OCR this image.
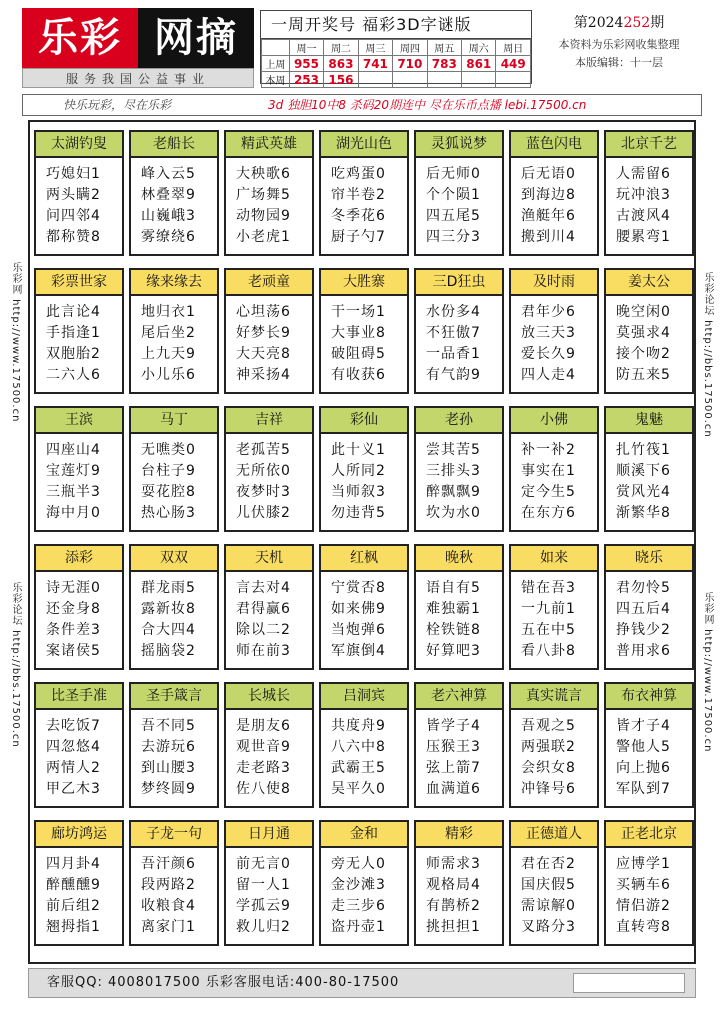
乐彩 网摘
服务我国公益事业
一周开奖号 福彩3D字谜版
	周一	周二	周三	周四	周五	周六	周日
上周	955	863	741	710	783	861	449
本周	253	156					
第2024252期
本资料为乐彩网收集整理
本版编辑：十一层
快乐玩彩，尽在乐彩	3d 独胆10中8 杀码20期连中 尽在乐币点播 lebi.17500.cn
乐彩网 http://www.17500.cn
乐彩论坛 http://bbs.17500.cn
乐彩论坛 http://bbs.17500.cn
乐彩网 http://www.17500.cn
太湖钓叟
巧媳妇1
两头瞒2
问四邻4
都称赞8
老船长
峰入云5
林叠翠9
山巍峨3
雾缭绕6
精武英雄
大秧歌6
广场舞5
动物园9
小老虎1
湖光山色
吃鸡蛋0
帘半卷2
冬季花6
厨子勺7
灵狐说梦
后无师0
个个陨1
四五尾5
四三分3
蓝色闪电
后无语0
到海边8
渔艇年6
搬到川4
北京千艺
人需留6
玩冲浪3
古渡风4
腰累弯1
彩票世家
此言论4
手指逢1
双胞胎2
二六人6
缘来缘去
地归衣1
尾后坐2
上九天9
小儿乐6
老顽童
心坦荡6
好梦长9
大天亮8
神采扬4
大胜寨
干一场1
大事业8
破阻碍5
有收获6
三D狂虫
水份多4
不狂傲7
一品香1
有气韵9
及时雨
君年少6
放三天3
爱长久9
四人走4
姜太公
晚空闲0
莫强求4
接个吻2
防五来5
王滨
四座山4
宝莲灯9
三瓶半3
海中月0
马丁
无噍类0
台柱子9
耍花腔8
热心肠3
吉祥
老孤苦5
无所依0
夜梦时3
儿伏膝2
彩仙
此十义1
人所同2
当师叙3
勿违背5
老孙
尝其苦5
三排头3
醉飘飘9
坎为水0
小佛
补一补2
事实在1
定今生5
在东方6
鬼魅
扎竹筏1
顺溪下6
赏风光4
渐繁华8
添彩
诗无涯0
还金身8
条件差3
案诸侯5
双双
群龙雨5
露新妆8
合大四4
摇脑袋2
天机
言去对4
君得赢6
除以二2
师在前3
红枫
宁赏否8
如来佛9
当炮弹6
军旗倒4
晚秋
语自有5
难独霸1
栓铁链8
好算吧3
如来
错在吾3
一九前1
五在中5
看八卦8
晓乐
君勿怜5
四五后4
挣钱少2
普用求6
比圣手准
去吃饭7
四忽悠4
两情人2
甲乙木3
圣手箴言
吾不同5
去游玩6
到山腰3
梦终圆9
长城长
是朋友6
观世音9
走老路3
佐八使8
吕洞宾
共度舟9
八六中8
武霸王5
吴平久0
老六神算
皆学子4
压猴王3
弦上箭7
血满道6
真实谎言
吾观之5
两强联2
会织女8
冲锋号6
布衣神算
皆才子4
警他人5
向上抛6
军队到7
廊坊鸿运
四月卦4
醉醺醺9
前后组2
翘拇指1
子龙一句
吾汗颜6
段两路2
收粮食4
离家门1
日月通
前无言0
留一人1
学孤云9
救儿归2
金和
旁无人0
金沙滩3
走三步6
盗丹壶1
精彩
师需求3
观格局4
有鹊桥2
挑担担1
正德道人
君在否2
国庆假5
需谅解0
叉路分3
正老北京
应博学1
买辆车6
情侣游2
直转弯8
客服QQ: 4008017500 乐彩客服电话:400-80-17500
